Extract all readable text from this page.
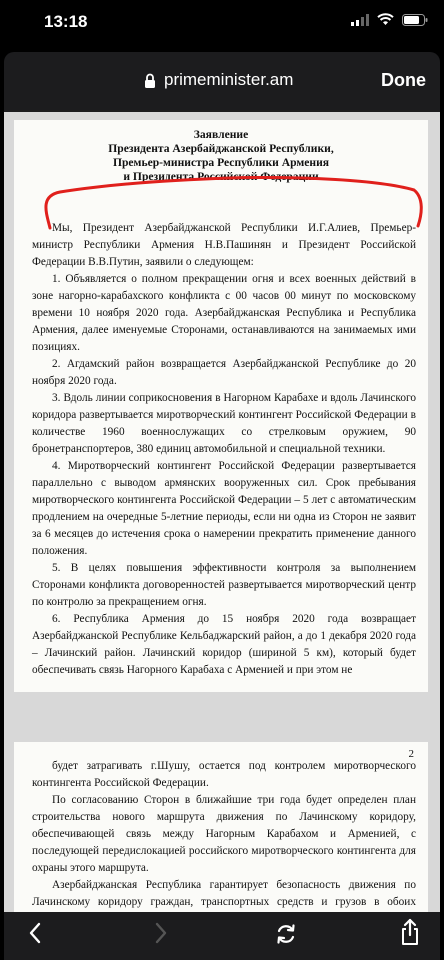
13:18
primeminister.am	Done
Заявление
Президента Азербайджанской Республики,
Премьер-министра Республики Армения
и Президента Российской Федерации

Мы, Президент Азербайджанской Республики И.Г.Алиев, Премьер-министр Республики Армения Н.В.Пашинян и Президент Российской Федерации В.В.Путин, заявили о следующем:

1. Объявляется о полном прекращении огня и всех военных действий в зоне нагорно-карабахского конфликта с 00 часов 00 минут по московскому времени 10 ноября 2020 года. Азербайджанская Республика и Республика Армения, далее именуемые Сторонами, останавливаются на занимаемых ими позициях.

2. Агдамский район возвращается Азербайджанской Республике до 20 ноября 2020 года.

3. Вдоль линии соприкосновения в Нагорном Карабахе и вдоль Лачинского коридора развертывается миротворческий контингент Российской Федерации в количестве 1960 военнослужащих со стрелковым оружием, 90 бронетранспортеров, 380 единиц автомобильной и специальной техники.

4. Миротворческий контингент Российской Федерации развертывается параллельно с выводом армянских вооруженных сил. Срок пребывания миротворческого контингента Российской Федерации – 5 лет с автоматическим продлением на очередные 5-летние периоды, если ни одна из Сторон не заявит за 6 месяцев до истечения срока о намерении прекратить применение данного положения.

5. В целях повышения эффективности контроля за выполнением Сторонами конфликта договоренностей развертывается миротворческий центр по контролю за прекращением огня.

6. Республика Армения до 15 ноября 2020 года возвращает Азербайджанской Республике Кельбаджарский район, а до 1 декабря 2020 года – Лачинский район. Лачинский коридор (шириной 5 км), который будет обеспечивать связь Нагорного Карабаха с Арменией и при этом не

2

будет затрагивать г.Шушу, остается под контролем миротворческого контингента Российской Федерации.

По согласованию Сторон в ближайшие три года будет определен план строительства нового маршрута движения по Лачинскому коридору, обеспечивающей связь между Нагорным Карабахом и Арменией, с последующей передислокацией российского миротворческого контингента для охраны этого маршрута.

Азербайджанская Республика гарантирует безопасность движения по Лачинскому коридору граждан, транспортных средств и грузов в обоих
